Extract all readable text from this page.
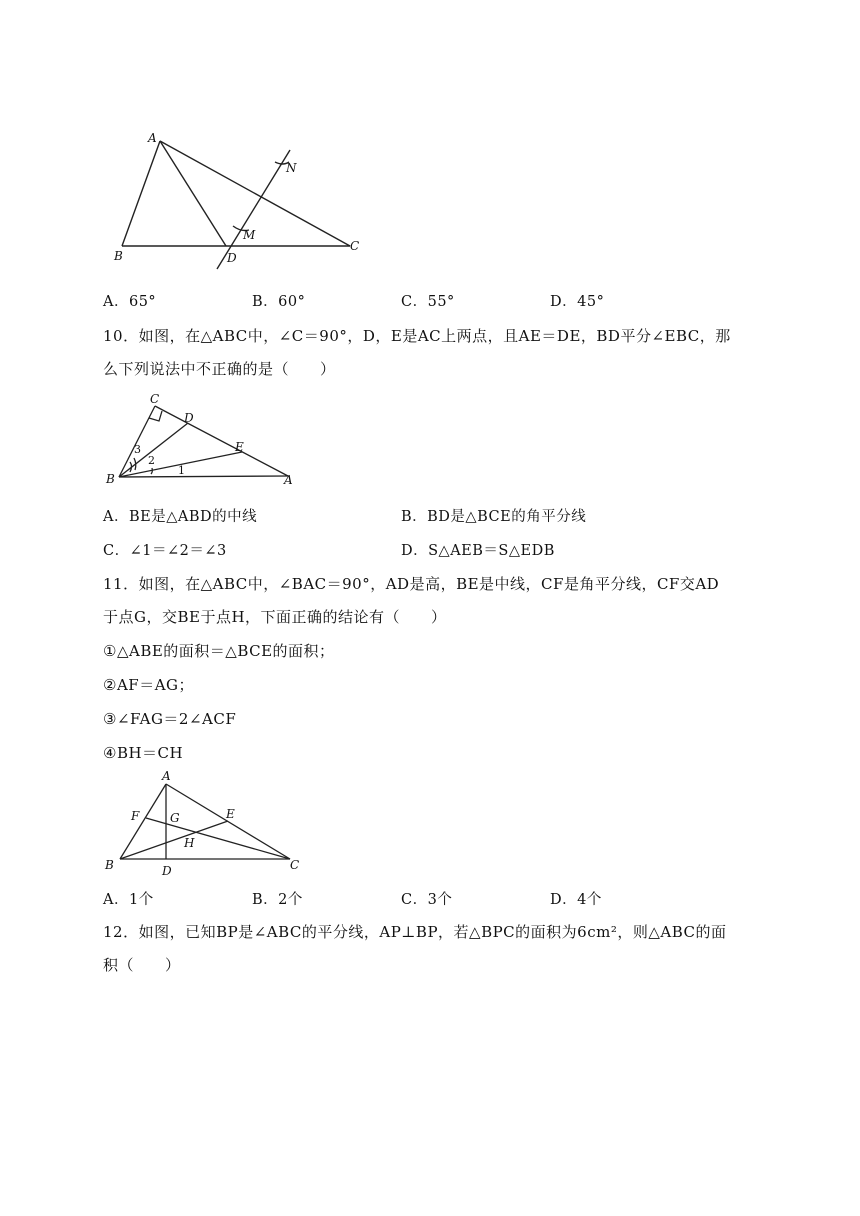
A
B
C
D
M
N
A．65°	B．60°	C．55°	D．45°
10．如图，在△ABC中，∠C＝90°，D，E是AC上两点，且AE＝DE，BD平分∠EBC，那
么下列说法中不正确的是（　　）
C
D
E
B	A
3
2
1
A．BE是△ABD的中线	B．BD是△BCE的角平分线
C．∠1＝∠2＝∠3	D．S△AEB＝S△EDB
11．如图，在△ABC中，∠BAC＝90°，AD是高，BE是中线，CF是角平分线，CF交AD
于点G，交BE于点H，下面正确的结论有（　　）
①△ABE的面积＝△BCE的面积；
②AF＝AG；
③∠FAG＝2∠ACF
④BH＝CH
A
F	G	E
H
B	D	C
A．1个	B．2个	C．3个	D．4个
12．如图，已知BP是∠ABC的平分线，AP⊥BP，若△BPC的面积为6cm²，则△ABC的面
积（　　）
